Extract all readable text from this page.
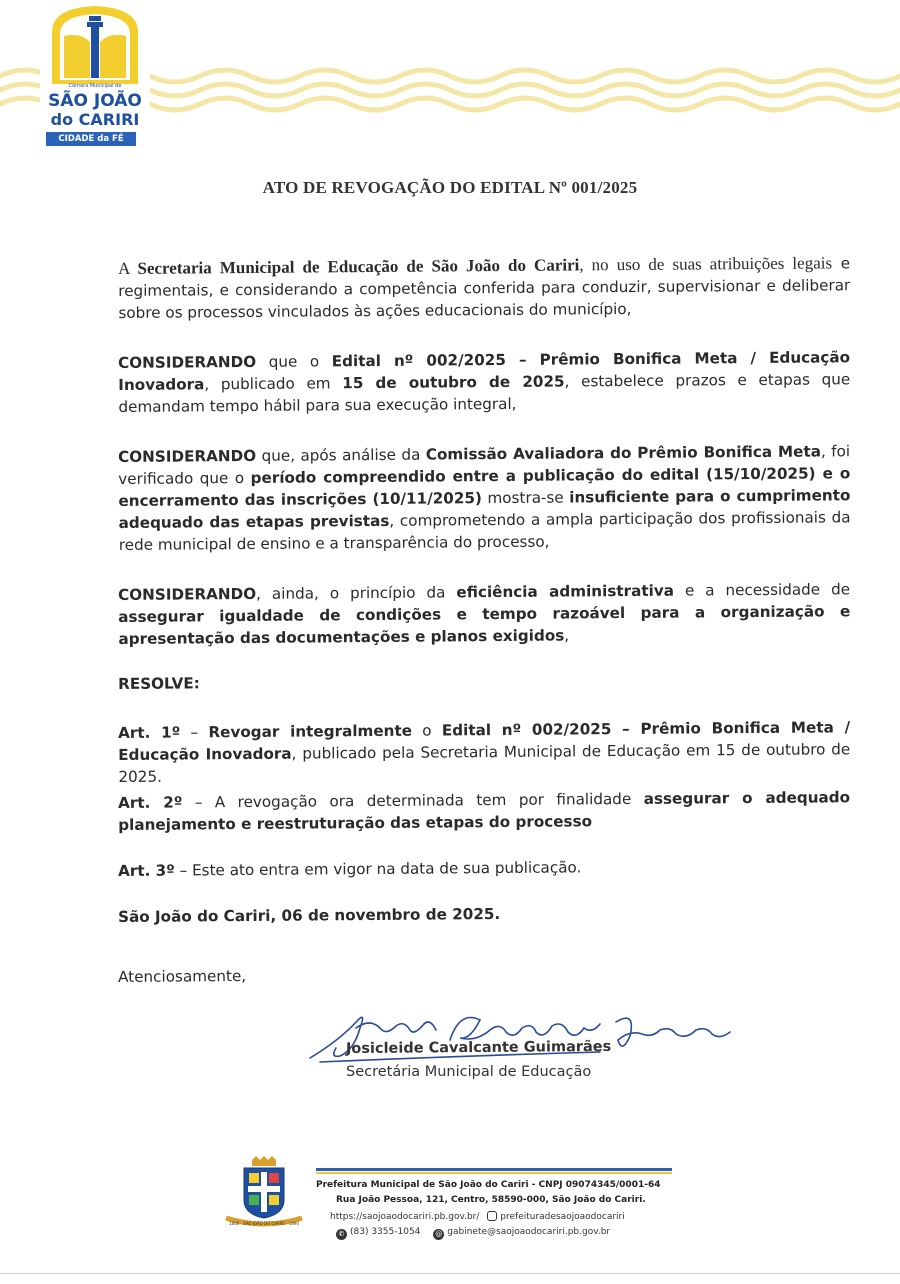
Câmara Municipal de
SÃO JOÃO
do CARIRI
CIDADE da FÉ
ATO DE REVOGAÇÃO DO EDITAL Nº 001/2025

A Secretaria Municipal de Educação de São João do Cariri, no uso de suas atribuições legais e regimentais, e considerando a competência conferida para conduzir, supervisionar e deliberar sobre os processos vinculados às ações educacionais do município,

CONSIDERANDO que o Edital nº 002/2025 – Prêmio Bonifica Meta / Educação Inovadora, publicado em 15 de outubro de 2025, estabelece prazos e etapas que demandam tempo hábil para sua execução integral,

CONSIDERANDO que, após análise da Comissão Avaliadora do Prêmio Bonifica Meta, foi verificado que o período compreendido entre a publicação do edital (15/10/2025) e o encerramento das inscrições (10/11/2025) mostra-se insuficiente para o cumprimento adequado das etapas previstas, comprometendo a ampla participação dos profissionais da rede municipal de ensino e a transparência do processo,

CONSIDERANDO, ainda, o princípio da eficiência administrativa e a necessidade de assegurar igualdade de condições e tempo razoável para a organização e apresentação das documentações e planos exigidos,

RESOLVE:

Art. 1º – Revogar integralmente o Edital nº 002/2025 – Prêmio Bonifica Meta / Educação Inovadora, publicado pela Secretaria Municipal de Educação em 15 de outubro de 2025.

Art. 2º – A revogação ora determinada tem por finalidade assegurar o adequado planejamento e reestruturação das etapas do processo

Art. 3º – Este ato entra em vigor na data de sua publicação.

São João do Cariri, 06 de novembro de 2025.

Atenciosamente,

Josicleide Cavalcante Guimarães
Secretária Municipal de Educação
1800 · SÃO JOÃO DO CARIRI · 1890
Prefeitura Municipal de São João do Cariri - CNPJ 09074345/0001-64
Rua João Pessoa, 121, Centro, 58590-000, São João do Cariri.
https://saojoaodocariri.pb.gov.br/ prefeituradesaojoaodocariri
✆ (83) 3355-1054 @ gabinete@saojoaodocariri.pb.gov.br
